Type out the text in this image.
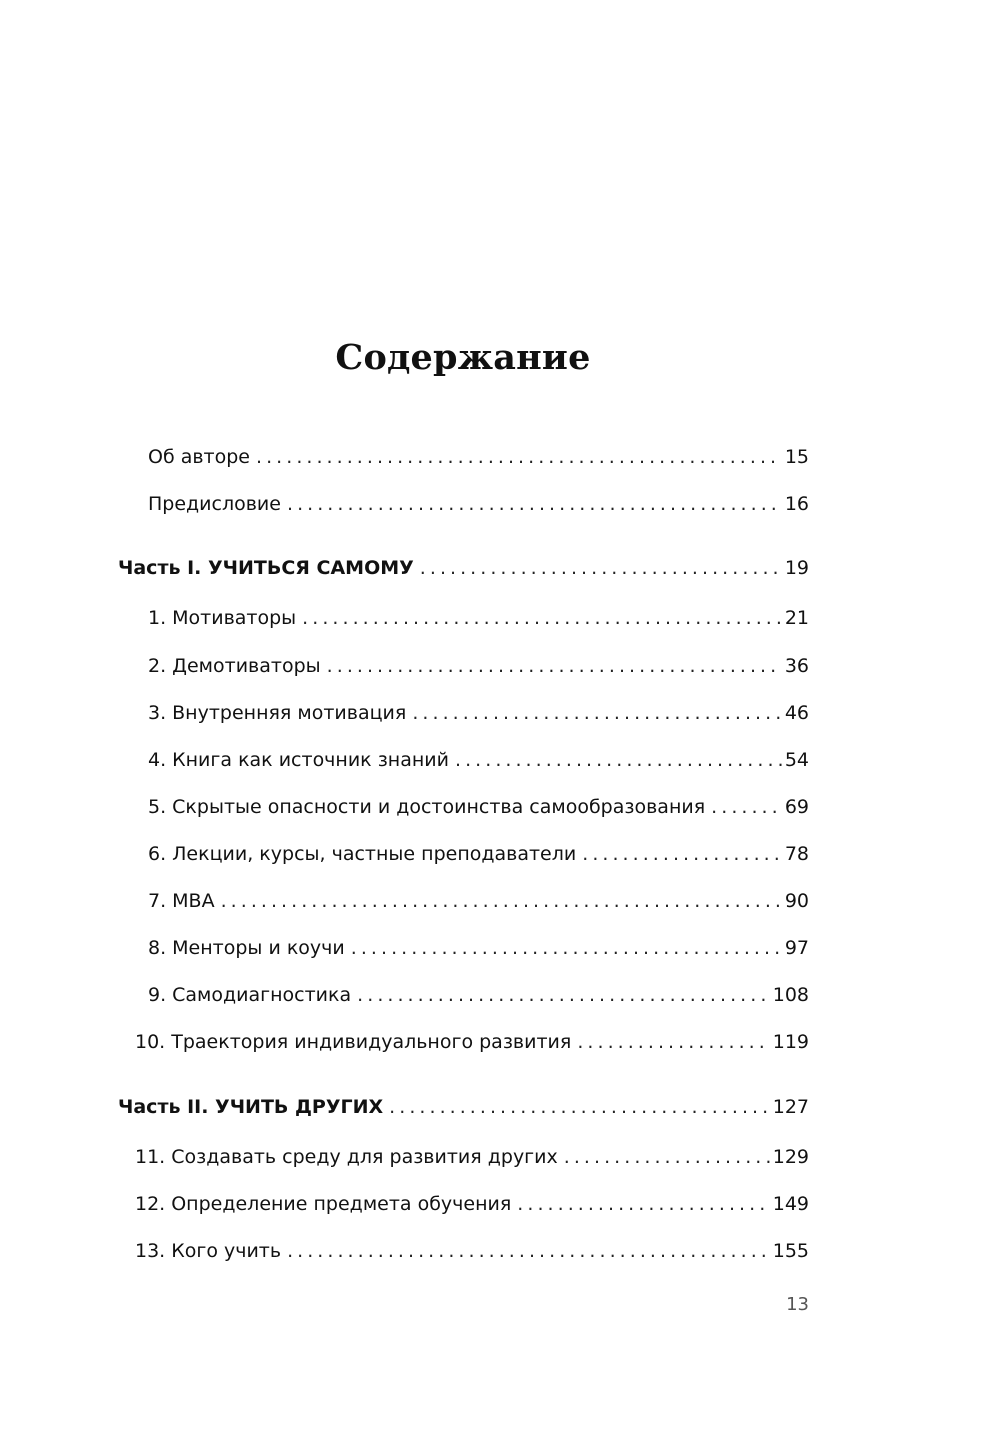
Содержание
Об авторе . . .	15
Предисловие . . .	16
Часть I. УЧИТЬСЯ САМОМУ . . .	19
1. Мотиваторы . . .	21
2. Демотиваторы . . .	36
3. Внутренняя мотивация . . .	46
4. Книга как источник знаний . . .	54
5. Скрытые опасности и достоинства самообразования . . .	69
6. Лекции, курсы, частные преподаватели . . .	78
7. MBA . . .	90
8. Менторы и коучи . . .	97
9. Самодиагностика . . .	108
10. Траектория индивидуального развития . . .	119
Часть II. УЧИТЬ ДРУГИХ . . .	127
11. Создавать среду для развития других . . .	129
12. Определение предмета обучения . . .	149
13. Кого учить . . .	155
13
